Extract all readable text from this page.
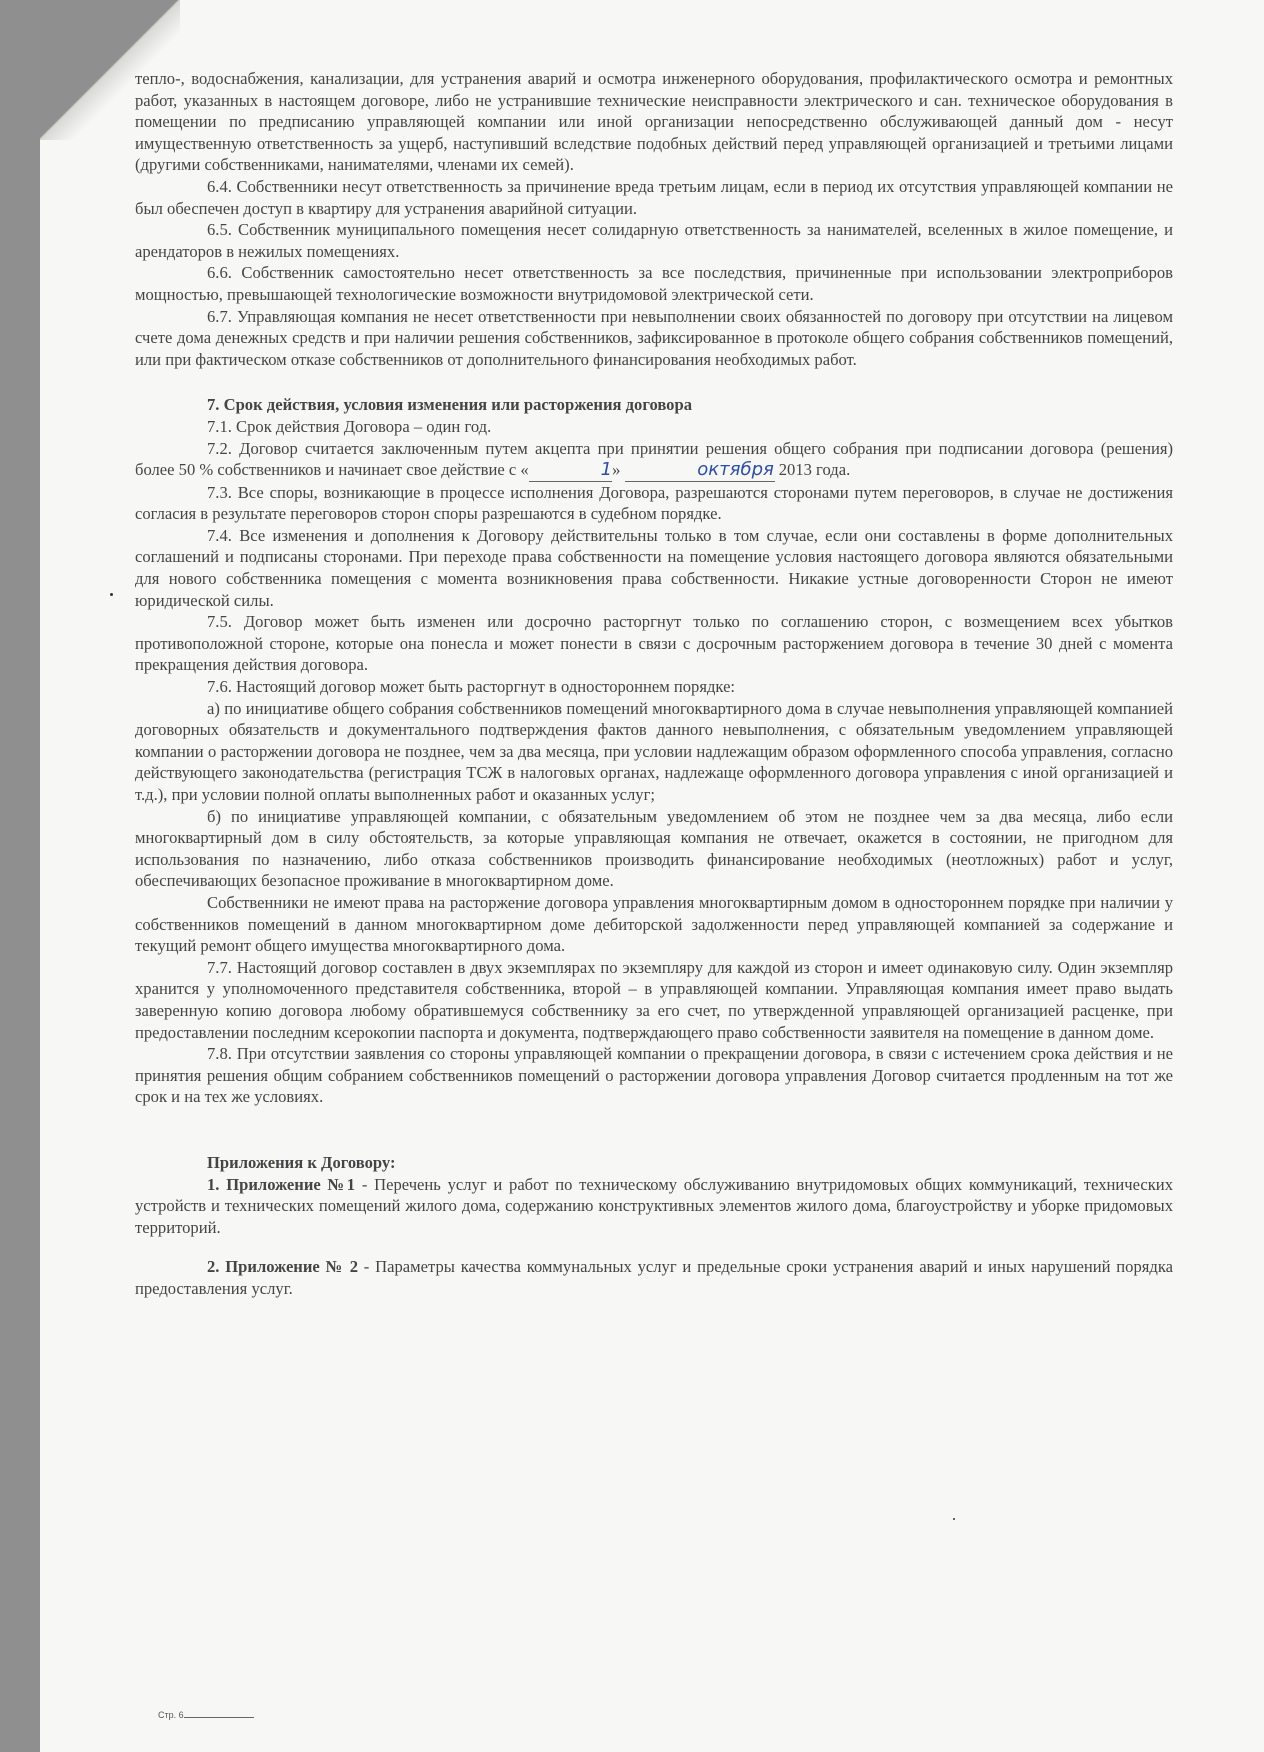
тепло-, водоснабжения, канализации, для устранения аварий и осмотра инженерного оборудования, профилактического осмотра и ремонтных работ, указанных в настоящем договоре, либо не устранившие технические неисправности электрического и сан. техническое оборудования в помещении по предписанию управляющей компании или иной организации непосредственно обслуживающей данный дом - несут имущественную ответственность за ущерб, наступивший вследствие подобных действий перед управляющей организацией и третьими лицами (другими собственниками, нанимателями, членами их семей).

6.4. Собственники несут ответственность за причинение вреда третьим лицам, если в период их отсутствия управляющей компании не был обеспечен доступ в квартиру для устранения аварийной ситуации.

6.5. Собственник муниципального помещения несет солидарную ответственность за нанимателей, вселенных в жилое помещение, и арендаторов в нежилых помещениях.

6.6. Собственник самостоятельно несет ответственность за все последствия, причиненные при использовании электроприборов мощностью, превышающей технологические возможности внутридомовой электрической сети.

6.7. Управляющая компания не несет ответственности при невыполнении своих обязанностей по договору при отсутствии на лицевом счете дома денежных средств и при наличии решения собственников, зафиксированное в протоколе общего собрания собственников помещений, или при фактическом отказе собственников от дополнительного финансирования необходимых работ.

7. Срок действия, условия изменения или расторжения договора

7.1. Срок действия Договора – один год.

7.2. Договор считается заключенным путем акцепта при принятии решения общего собрания при подписании договора (решения) более 50 % собственников и начинает свое действие с «	1»	октября 2013 года.

7.3. Все споры, возникающие в процессе исполнения Договора, разрешаются сторонами путем переговоров, в случае не достижения согласия в результате переговоров сторон споры разрешаются в судебном порядке.

7.4. Все изменения и дополнения к Договору действительны только в том случае, если они составлены в форме дополнительных соглашений и подписаны сторонами. При переходе права собственности на помещение условия настоящего договора являются обязательными для нового собственника помещения с момента возникновения права собственности. Никакие устные договоренности Сторон не имеют юридической силы.

7.5. Договор может быть изменен или досрочно расторгнут только по соглашению сторон, с возмещением всех убытков противоположной стороне, которые она понесла и может понести в связи с досрочным расторжением договора в течение 30 дней с момента прекращения действия договора.

7.6. Настоящий договор может быть расторгнут в одностороннем порядке:

а) по инициативе общего собрания собственников помещений многоквартирного дома в случае невыполнения управляющей компанией договорных обязательств и документального подтверждения фактов данного невыполнения, с обязательным уведомлением управляющей компании о расторжении договора не позднее, чем за два месяца, при условии надлежащим образом оформленного способа управления, согласно действующего законодательства (регистрация ТСЖ в налоговых органах, надлежаще оформленного договора управления с иной организацией и т.д.), при условии полной оплаты выполненных работ и оказанных услуг;

б) по инициативе управляющей компании, с обязательным уведомлением об этом не позднее чем за два месяца, либо если многоквартирный дом в силу обстоятельств, за которые управляющая компания не отвечает, окажется в состоянии, не пригодном для использования по назначению, либо отказа собственников производить финансирование необходимых (неотложных) работ и услуг, обеспечивающих безопасное проживание в многоквартирном доме.

Собственники не имеют права на расторжение договора управления многоквартирным домом в одностороннем порядке при наличии у собственников помещений в данном многоквартирном доме дебиторской задолженности перед управляющей компанией за содержание и текущий ремонт общего имущества многоквартирного дома.

7.7. Настоящий договор составлен в двух экземплярах по экземпляру для каждой из сторон и имеет одинаковую силу. Один экземпляр хранится у уполномоченного представителя собственника, второй – в управляющей компании. Управляющая компания имеет право выдать заверенную копию договора любому обратившемуся собственнику за его счет, по утвержденной управляющей организацией расценке, при предоставлении последним ксерокопии паспорта и документа, подтверждающего право собственности заявителя на помещение в данном доме.

7.8. При отсутствии заявления со стороны управляющей компании о прекращении договора, в связи с истечением срока действия и не принятия решения общим собранием собственников помещений о расторжении договора управления Договор считается продленным на тот же срок и на тех же условиях.

Приложения к Договору:

1. Приложение №1 - Перечень услуг и работ по техническому обслуживанию внутридомовых общих коммуникаций, технических устройств и технических помещений жилого дома, содержанию конструктивных элементов жилого дома, благоустройству и уборке придомовых территорий.

2. Приложение № 2 - Параметры качества коммунальных услуг и предельные сроки устранения аварий и иных нарушений порядка предоставления услуг.

Стр. 6
